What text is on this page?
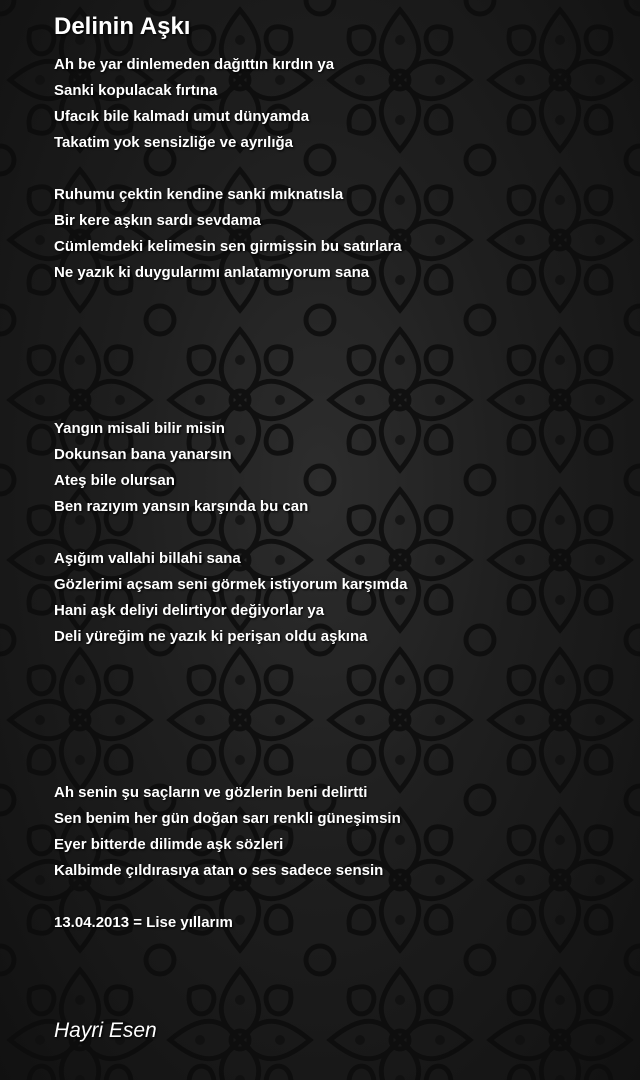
Delinin Aşkı
Ah be yar dinlemeden dağıttın kırdın ya
Sanki kopulacak fırtına
Ufacık bile kalmadı umut dünyamda
Takatim yok sensizliğe ve ayrılığa
Ruhumu çektin kendine sanki mıknatısla
Bir kere aşkın sardı sevdama
Cümlemdeki kelimesin sen girmişsin bu satırlara
Ne yazık ki duygularımı anlatamıyorum sana
Yangın misali bilir misin
Dokunsan bana yanarsın
Ateş bile olursan
Ben razıyım yansın karşında bu can
Aşığım vallahi billahi sana
Gözlerimi açsam seni görmek istiyorum karşımda
Hani aşk deliyi delirtiyor değiyorlar ya
Deli yüreğim ne yazık ki perişan oldu aşkına
Ah senin şu saçların ve gözlerin beni delirtti
Sen benim her gün doğan sarı renkli güneşimsin
Eyer bitterde dilimde aşk sözleri
Kalbimde çıldırasıya atan o ses sadece sensin
13.04.2013 = Lise yıllarım
Hayri Esen
